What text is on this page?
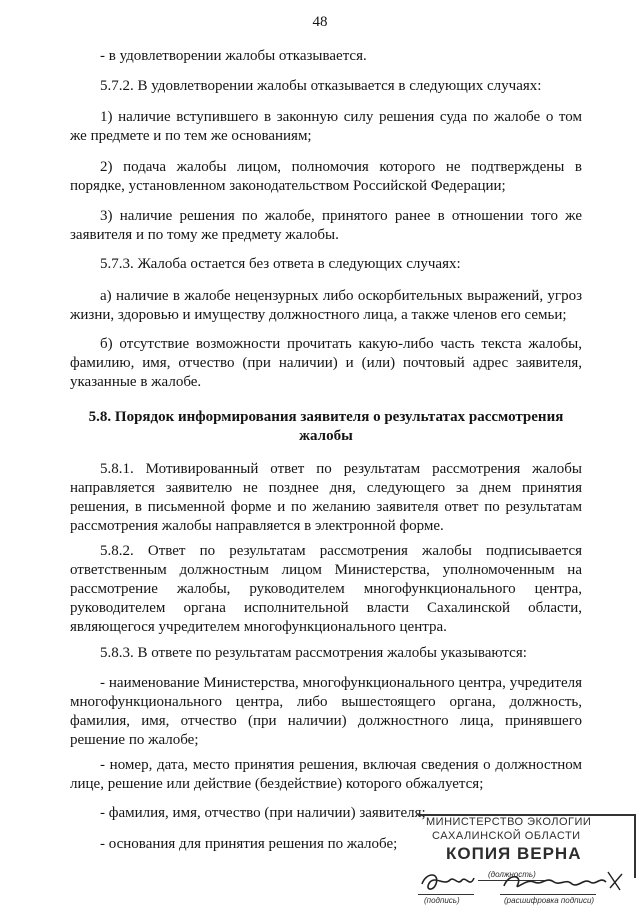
48
- в удовлетворении жалобы отказывается.
5.7.2. В удовлетворении жалобы отказывается в следующих случаях:
1) наличие вступившего в законную силу решения суда по жалобе о том же предмете и по тем же основаниям;
2) подача жалобы лицом, полномочия которого не подтверждены в порядке, установленном законодательством Российской Федерации;
3) наличие решения по жалобе, принятого ранее в отношении того же заявителя и по тому же предмету жалобы.
5.7.3. Жалоба остается без ответа в следующих случаях:
а) наличие в жалобе нецензурных либо оскорбительных выражений, угроз жизни, здоровью и имуществу должностного лица, а также членов его семьи;
б) отсутствие возможности прочитать какую-либо часть текста жалобы, фамилию, имя, отчество (при наличии) и (или) почтовый адрес заявителя, указанные в жалобе.
5.8. Порядок информирования заявителя о результатах рассмотрения жалобы
5.8.1. Мотивированный ответ по результатам рассмотрения жалобы направляется заявителю не позднее дня, следующего за днем принятия решения, в письменной форме и по желанию заявителя ответ по результатам рассмотрения жалобы направляется в электронной форме.
5.8.2. Ответ по результатам рассмотрения жалобы подписывается ответственным должностным лицом Министерства, уполномоченным на рассмотрение жалобы, руководителем многофункционального центра, руководителем органа исполнительной власти Сахалинской области, являющегося учредителем многофункционального центра.
5.8.3. В ответе по результатам рассмотрения жалобы указываются:
- наименование Министерства, многофункционального центра, учредителя многофункционального центра, либо вышестоящего органа, должность, фамилия, имя, отчество (при наличии) должностного лица, принявшего решение по жалобе;
- номер, дата, место принятия решения, включая сведения о должностном лице, решение или действие (бездействие) которого обжалуется;
- фамилия, имя, отчество (при наличии) заявителя;
- основания для принятия решения по жалобе;
МИНИСТЕРСТВО ЭКОЛОГИИ
САХАЛИНСКОЙ ОБЛАСТИ
КОПИЯ ВЕРНА
(должность)
(подпись)	(расшифровка подписи)
